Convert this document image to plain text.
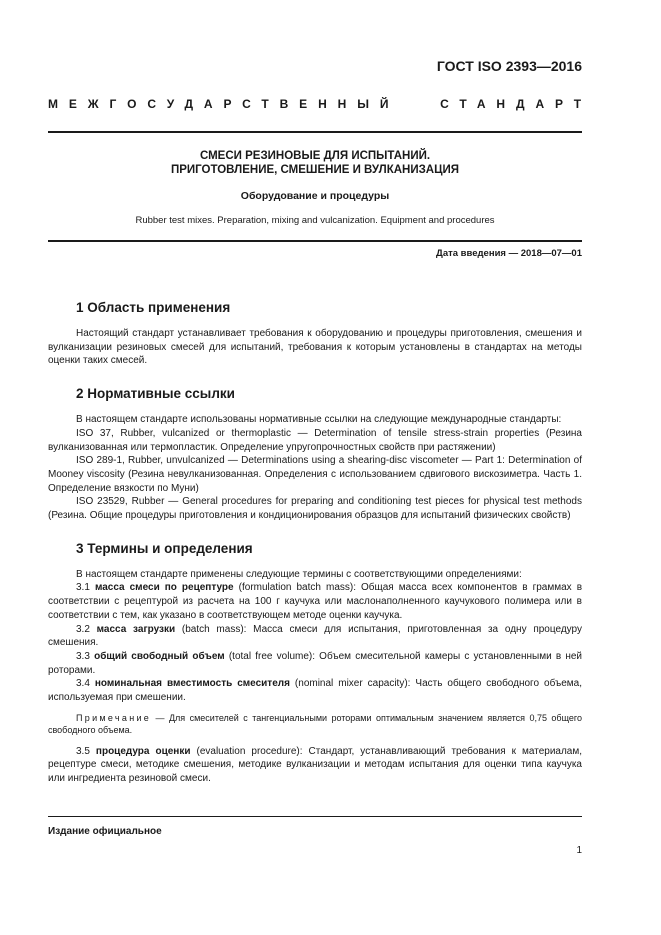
ГОСТ ISO 2393—2016
МЕЖГОСУДАРСТВЕННЫЙ	СТАНДАРТ
СМЕСИ РЕЗИНОВЫЕ ДЛЯ ИСПЫТАНИЙ.
ПРИГОТОВЛЕНИЕ, СМЕШЕНИЕ И ВУЛКАНИЗАЦИЯ
Оборудование и процедуры
Rubber test mixes. Preparation, mixing and vulcanization. Equipment and procedures
Дата введения — 2018—07—01
1 Область применения

Настоящий стандарт устанавливает требования к оборудованию и процедуры приготовления, смешения и вулканизации резиновых смесей для испытаний, требования к которым установлены в стандартах на методы оценки таких смесей.

2 Нормативные ссылки

В настоящем стандарте использованы нормативные ссылки на следующие международные стандарты:

ISO 37, Rubber, vulcanized or thermoplastic — Determination of tensile stress-strain properties (Резина вулканизованная или термопластик. Определение упругопрочностных свойств при растяжении)

ISO 289-1, Rubber, unvulcanized — Determinations using a shearing-disc viscometer — Part 1: Determination of Mooney viscosity (Резина невулканизованная. Определения с использованием сдвигового вискозиметра. Часть 1. Определение вязкости по Муни)

ISO 23529, Rubber — General procedures for preparing and conditioning test pieces for physical test methods (Резина. Общие процедуры приготовления и кондиционирования образцов для испытаний физических свойств)

3 Термины и определения

В настоящем стандарте применены следующие термины с соответствующими определениями:

3.1 масса смеси по рецептуре (formulation batch mass): Общая масса всех компонентов в граммах в соответствии с рецептурой из расчета на 100 г каучука или маслонаполненного каучукового полимера или в соответствии с тем, как указано в соответствующем методе оценки каучука.

3.2 масса загрузки (batch mass): Масса смеси для испытания, приготовленная за одну процедуру смешения.

3.3 общий свободный объем (total free volume): Объем смесительной камеры с установленными в ней роторами.

3.4 номинальная вместимость смесителя (nominal mixer capacity): Часть общего свободного объема, используемая при смешении.

Примечание — Для смесителей с тангенциальными роторами оптимальным значением является 0,75 общего свободного объема.

3.5 процедура оценки (evaluation procedure): Стандарт, устанавливающий требования к материалам, рецептуре смеси, методике смешения, методике вулканизации и методам испытания для оценки типа каучука или ингредиента резиновой смеси.

Издание официальное
1
